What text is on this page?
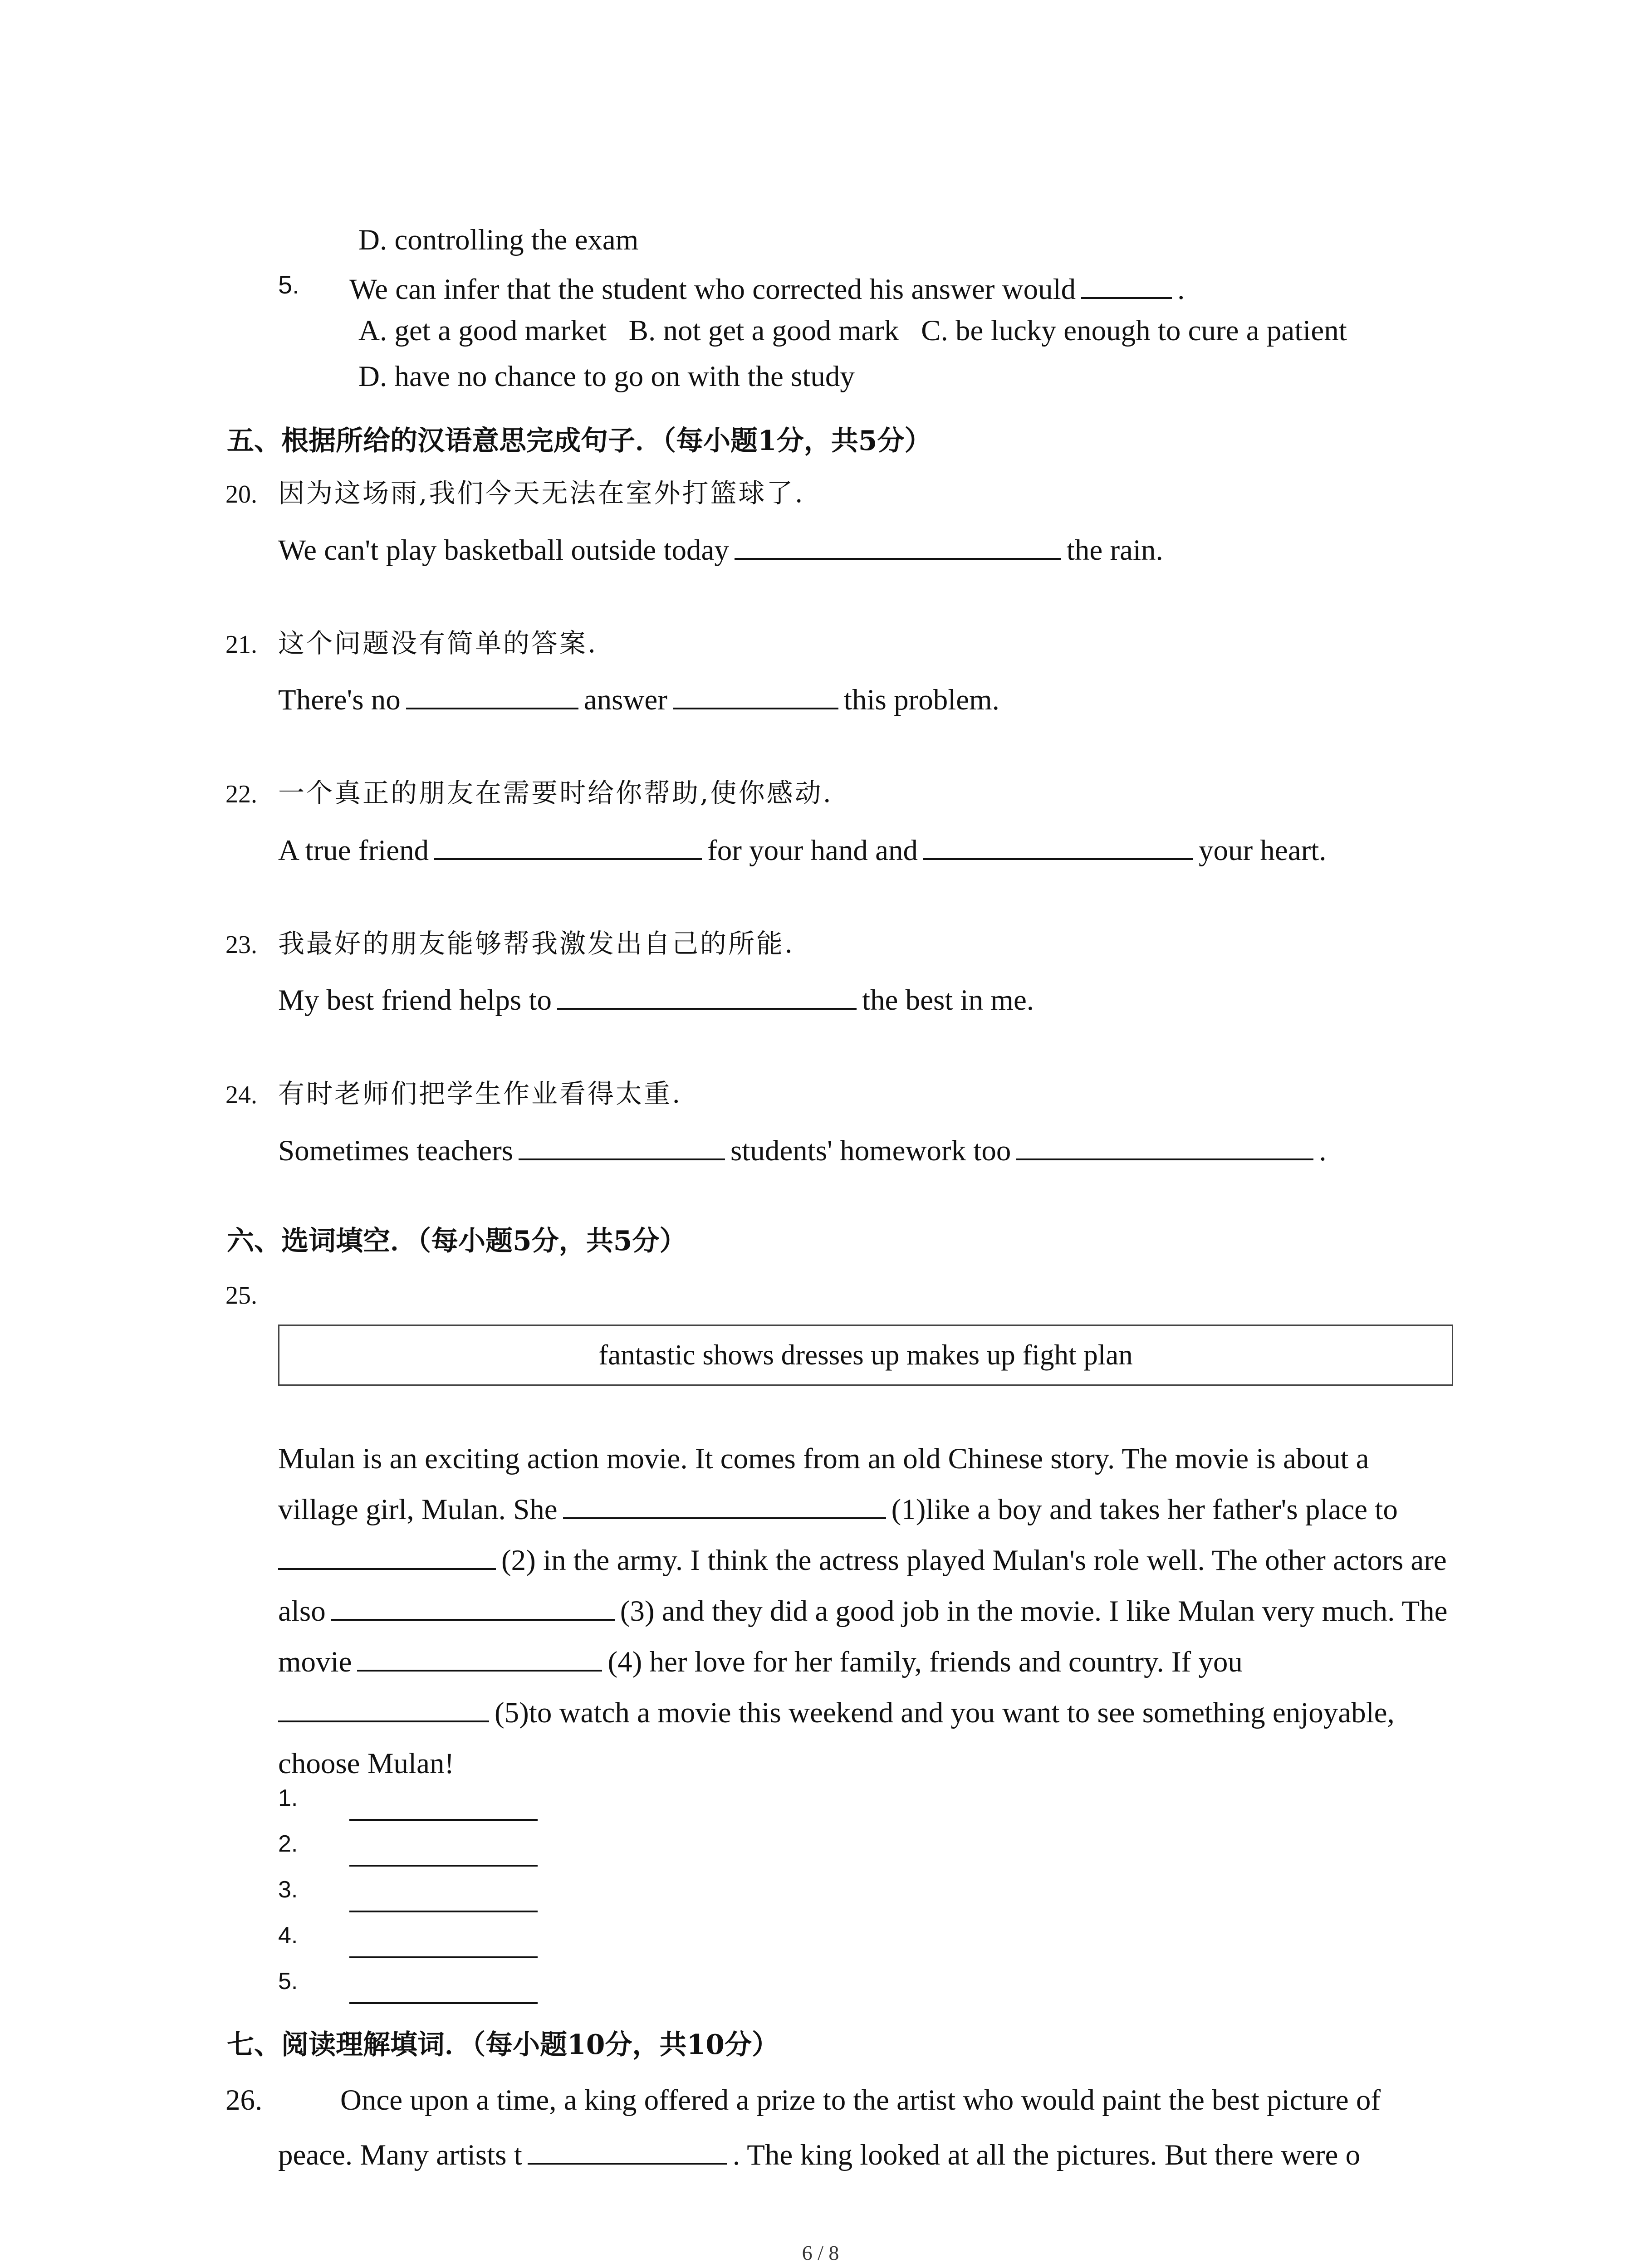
D. controlling the exam
5. We can infer that the student who corrected his answer would	.
A. get a good market B. not get a good mark C. be lucky enough to cure a patient
D. have no chance to go on with the study
五、根据所给的汉语意思完成句子．（每小题1分，共5分）
20. 因为这场雨,我们今天无法在室外打篮球了.
We can't play basketball outside today	the rain.
21. 这个问题没有简单的答案.
There's no	answer	this problem.
22. 一个真正的朋友在需要时给你帮助,使你感动.
A true friend	for your hand and	your heart.
23. 我最好的朋友能够帮我激发出自己的所能.
My best friend helps to	the best in me.
24. 有时老师们把学生作业看得太重.
Sometimes teachers	students' homework too	.
六、选词填空．（每小题5分，共5分）
25.
fantastic shows dresses up makes up fight plan
Mulan is an exciting action movie. It comes from an old Chinese story. The movie is about a village girl, Mulan. She	(1)like a boy and takes her father's place to (2) in the army. I think the actress played Mulan's role well. The other actors are also	(3) and they did a good job in the movie. I like Mulan very much. The movie	(4) her love for her family, friends and country. If you (5)to watch a movie this weekend and you want to see something enjoyable, choose Mulan!
1.
2.
3.
4.
5.
七、阅读理解填词．（每小题10分，共10分）
26.	Once upon a time, a king offered a prize to the artist who would paint the best picture of
peace. Many artists t	. The king looked at all the pictures. But there were o
6 / 8
